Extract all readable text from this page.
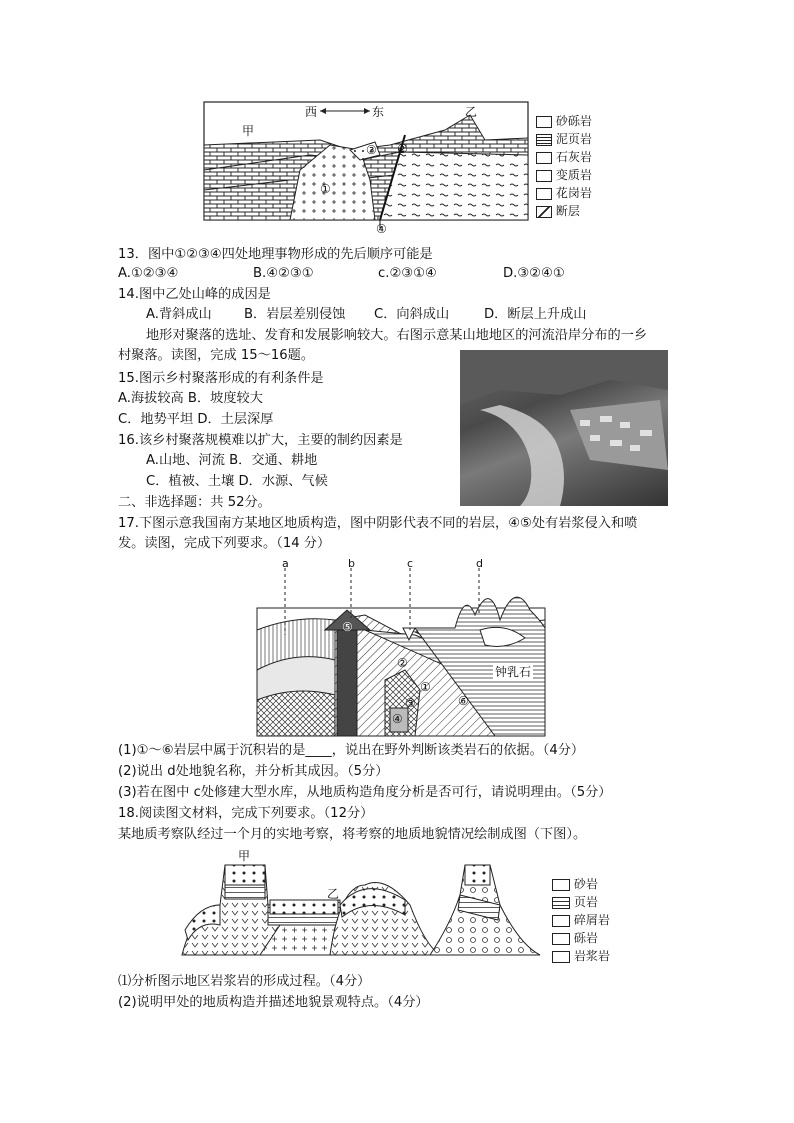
西	东
甲
乙
①
②
③
④
砂砾岩
泥页岩
石灰岩
变质岩
花岗岩
断层
13．图中①②③④四处地理事物形成的先后顺序可能是
A.①②③④	B.④②③①	c.②③①④	D.③②④①
14.图中乙处山峰的成因是
A.背斜成山 B．岩层差别侵蚀 C．向斜成山	D．断层上升成山
地形对聚落的选址、发育和发展影响较大。右图示意某山地地区的河流沿岸分布的一乡
村聚落。读图，完成 15～16题。
15.图示乡村聚落形成的有利条件是
A.海拔较高 B．坡度较大
C．地势平坦 D．土层深厚
16.该乡村聚落规模难以扩大，主要的制约因素是
A.山地、河流 B．交通、耕地
C．植被、土壤 D．水源、气候
二、非选择题：共 52分。
17.下图示意我国南方某地区地质构造，图中阴影代表不同的岩层，④⑤处有岩浆侵入和喷
发。读图，完成下列要求。（14 分）
a	b	c	d
⑤
②
①
③
④
⑥
钟乳石
(1)①～⑥岩层中属于沉积岩的是____，说出在野外判断该类岩石的依据。（4分）
(2)说出 d处地貌名称，并分析其成因。（5分）
(3)若在图中 c处修建大型水库，从地质构造角度分析是否可行，请说明理由。（5分）
18.阅读图文材料，完成下列要求。（12分）
某地质考察队经过一个月的实地考察，将考察的地质地貌情况绘制成图（下图）。
甲
乙
砂岩
页岩
碎屑岩
砾岩
岩浆岩
⑴分析图示地区岩浆岩的形成过程。（4分）
(2)说明甲处的地质构造并描述地貌景观特点。（4分）
